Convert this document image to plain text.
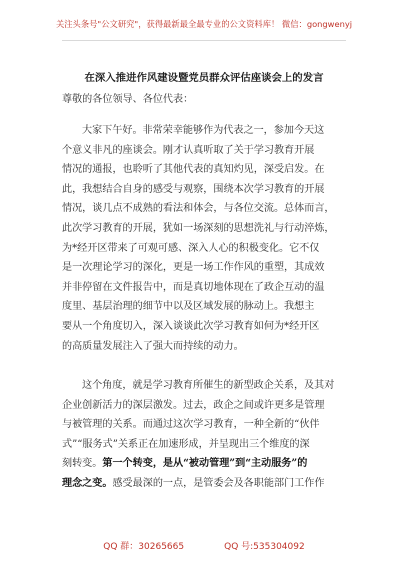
关注头条号"公文研究"，获得最新最全最专业的公文资料库！ 微信：gongwenyj
在深入推进作风建设暨党员群众评估座谈会上的发言
尊敬的各位领导、各位代表：
大家下午好。非常荣幸能够作为代表之一，参加今天这
个意义非凡的座谈会。刚才认真听取了关于学习教育开展
情况的通报，也聆听了其他代表的真知灼见，深受启发。在
此，我想结合自身的感受与观察，围绕本次学习教育的开展
情况，谈几点不成熟的看法和体会，与各位交流。总体而言，
此次学习教育的开展，犹如一场深刻的思想洗礼与行动淬炼，
为*经开区带来了可观可感、深入人心的积极变化。它不仅
是一次理论学习的深化，更是一场工作作风的重塑，其成效
并非停留在文件报告中，而是真切地体现在了政企互动的温
度里、基层治理的细节中以及区域发展的脉动上。我想主
要从一个角度切入，深入谈谈此次学习教育如何为*经开区
的高质量发展注入了强大而持续的动力。
这个角度，就是学习教育所催生的新型政企关系，及其对
企业创新活力的深层激发。过去，政企之间或许更多是管理
与被管理的关系。而通过这次学习教育，一种全新的“伙伴
式”“服务式”关系正在加速形成，并呈现出三个维度的深
刻转变。第一个转变，是从“被动管理”到“主动服务”的
理念之变。感受最深的一点，是管委会及各职能部门工作作
QQ 群：30265665	QQ 号:535304092
